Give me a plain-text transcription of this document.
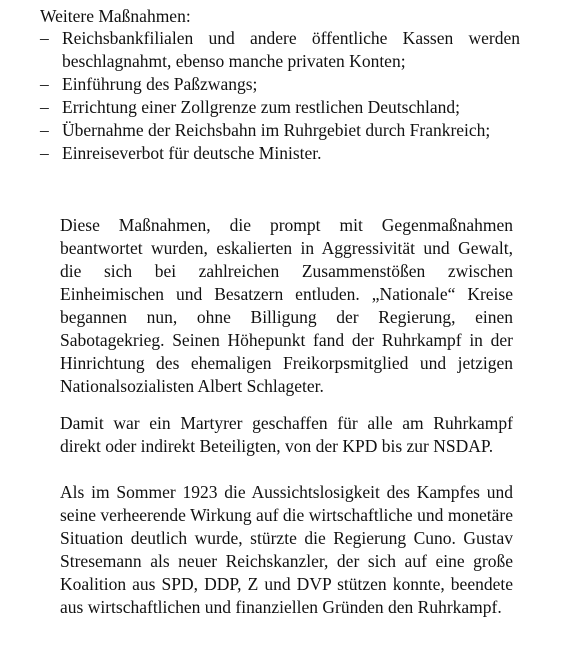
Weitere Maßnahmen:
– Reichsbankfilialen und andere öffentliche Kassen werden beschlagnahmt, ebenso manche privaten Konten;
– Einführung des Paßzwangs;
– Errichtung einer Zollgrenze zum restlichen Deutschland;
– Übernahme der Reichsbahn im Ruhrgebiet durch Frankreich;
– Einreiseverbot für deutsche Minister.

Diese Maßnahmen, die prompt mit Gegenmaßnahmen beantwortet wurden, eskalierten in Aggressivität und Gewalt, die sich bei zahlreichen Zusammenstößen zwischen Einheimischen und Besatzern entluden. „Nationale“ Kreise begannen nun, ohne Billigung der Regierung, einen Sabotagekrieg. Seinen Höhepunkt fand der Ruhrkampf in der Hinrichtung des ehemaligen Freikorpsmitglied und jetzigen Nationalsozialisten Albert Schlageter.

Damit war ein Martyrer geschaffen für alle am Ruhrkampf direkt oder indirekt Beteiligten, von der KPD bis zur NSDAP.

Als im Sommer 1923 die Aussichtslosigkeit des Kampfes und seine verheerende Wirkung auf die wirtschaftliche und monetäre Situation deutlich wurde, stürzte die Regierung Cuno. Gustav Stresemann als neuer Reichskanzler, der sich auf eine große Koalition aus SPD, DDP, Z und DVP stützen konnte, beendete aus wirtschaftlichen und finanziellen Gründen den Ruhrkampf.
